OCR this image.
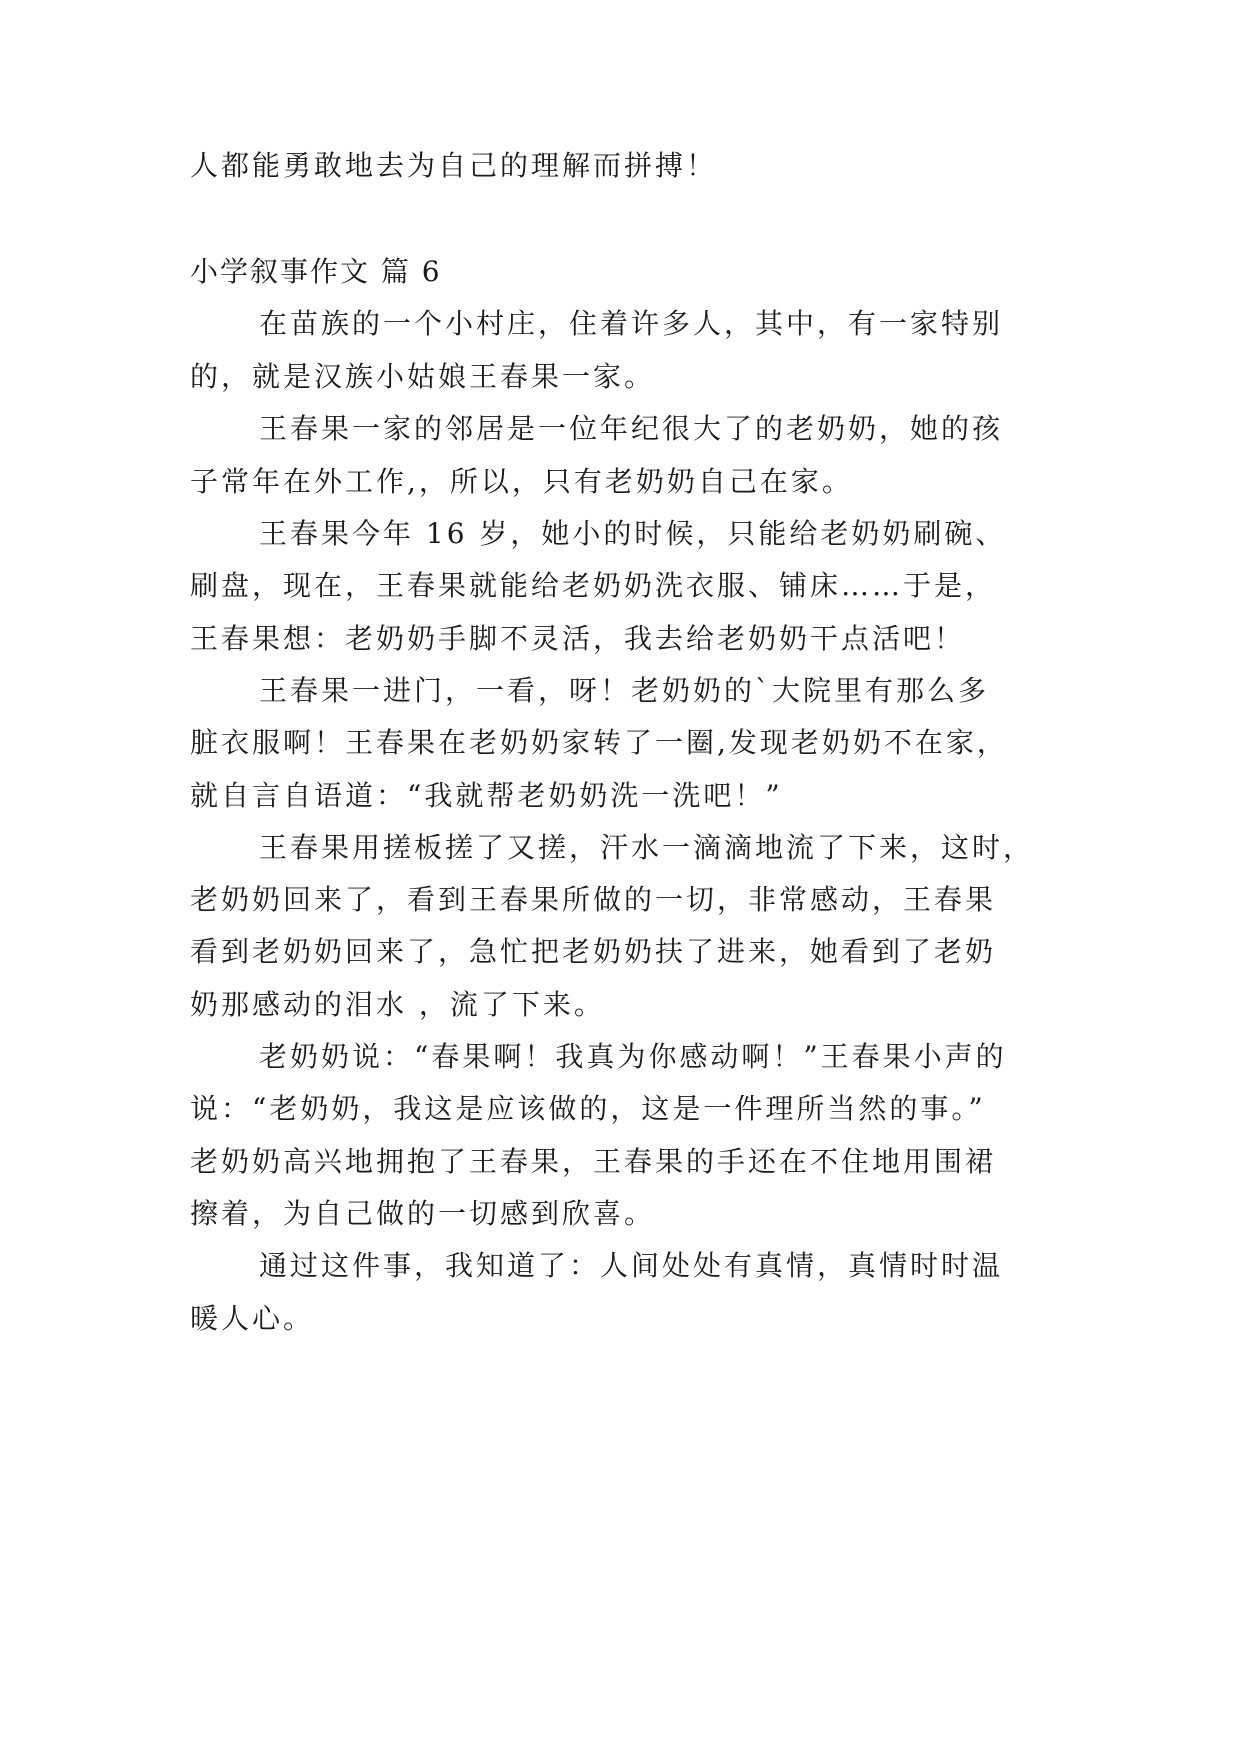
人都能勇敢地去为自己的理解而拼搏！
小学叙事作文 篇 6
在苗族的一个小村庄，住着许多人，其中，有一家特别
的，就是汉族小姑娘王春果一家。
王春果一家的邻居是一位年纪很大了的老奶奶，她的孩
子常年在外工作,，所以，只有老奶奶自己在家。
王春果今年 16 岁，她小的时候，只能给老奶奶刷碗、
刷盘，现在，王春果就能给老奶奶洗衣服、铺床……于是，
王春果想：老奶奶手脚不灵活，我去给老奶奶干点活吧！
王春果一进门，一看，呀！老奶奶的`大院里有那么多
脏衣服啊！王春果在老奶奶家转了一圈,发现老奶奶不在家，
就自言自语道：“我就帮老奶奶洗一洗吧！”
王春果用搓板搓了又搓，汗水一滴滴地流了下来，这时，
老奶奶回来了，看到王春果所做的一切，非常感动，王春果
看到老奶奶回来了，急忙把老奶奶扶了进来，她看到了老奶
奶那感动的泪水 ，流了下来。
老奶奶说：“春果啊！我真为你感动啊！”王春果小声的
说：“老奶奶，我这是应该做的，这是一件理所当然的事。”
老奶奶高兴地拥抱了王春果，王春果的手还在不住地用围裙
擦着，为自己做的一切感到欣喜。
通过这件事，我知道了：人间处处有真情，真情时时温
暖人心。
